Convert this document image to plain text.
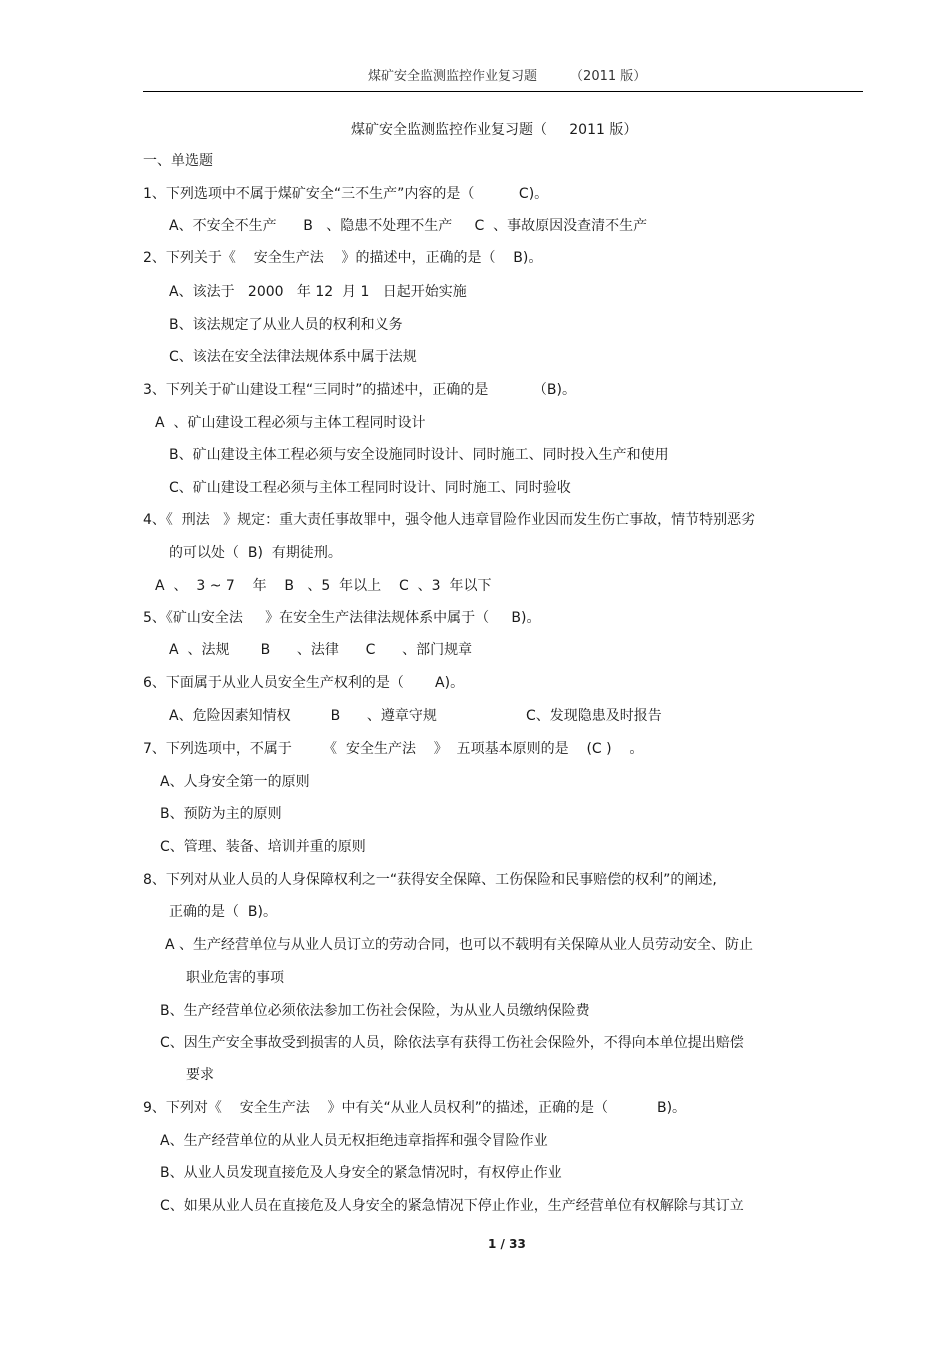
煤矿安全监测监控作业复习题        （2011 版）
煤矿安全监测监控作业复习题（     2011 版）
一、单选题
1、下列选项中不属于煤矿安全“三不生产”内容的是（          C)。
A、不安全不生产      B   、隐患不处理不生产     C  、事故原因没查清不生产
2、下列关于《    安全生产法    》的描述中，正确的是（    B)。
A、该法于   2000   年 12  月 1   日起开始实施
B、该法规定了从业人员的权利和义务
C、该法在安全法律法规体系中属于法规
3、下列关于矿山建设工程“三同时”的描述中，正确的是          （B)。
A  、矿山建设工程必须与主体工程同时设计
B、矿山建设主体工程必须与安全设施同时设计、同时施工、同时投入生产和使用
C、矿山建设工程必须与主体工程同时设计、同时施工、同时验收
4、《  刑法   》规定：重大责任事故罪中，强令他人违章冒险作业因而发生伤亡事故，情节特别恶劣
的可以处（  B)  有期徒刑。
A  、  3 ~ 7    年    B   、5  年以上    C  、3  年以下
5、《矿山安全法     》在安全生产法律法规体系中属于（     B)。
A  、法规       B      、法律      C      、部门规章
6、下面属于从业人员安全生产权利的是（       A)。
A、危险因素知情权         B      、遵章守规                    C、发现隐患及时报告
7、下列选项中，不属于       《  安全生产法    》  五项基本原则的是    (C )    。
A、人身安全第一的原则
B、预防为主的原则
C、管理、装备、培训并重的原则
8、下列对从业人员的人身保障权利之一“获得安全保障、工伤保险和民事赔偿的权利”的阐述,
正确的是（  B)。
A 、生产经营单位与从业人员订立的劳动合同，也可以不载明有关保障从业人员劳动安全、防止
职业危害的事项
B、生产经营单位必须依法参加工伤社会保险，为从业人员缴纳保险费
C、因生产安全事故受到损害的人员，除依法享有获得工伤社会保险外，不得向本单位提出赔偿
要求
9、下列对《    安全生产法    》中有关“从业人员权利”的描述，正确的是（           B)。
A、生产经营单位的从业人员无权拒绝违章指挥和强令冒险作业
B、从业人员发现直接危及人身安全的紧急情况时，有权停止作业
C、如果从业人员在直接危及人身安全的紧急情况下停止作业，生产经营单位有权解除与其订立
1 / 33
